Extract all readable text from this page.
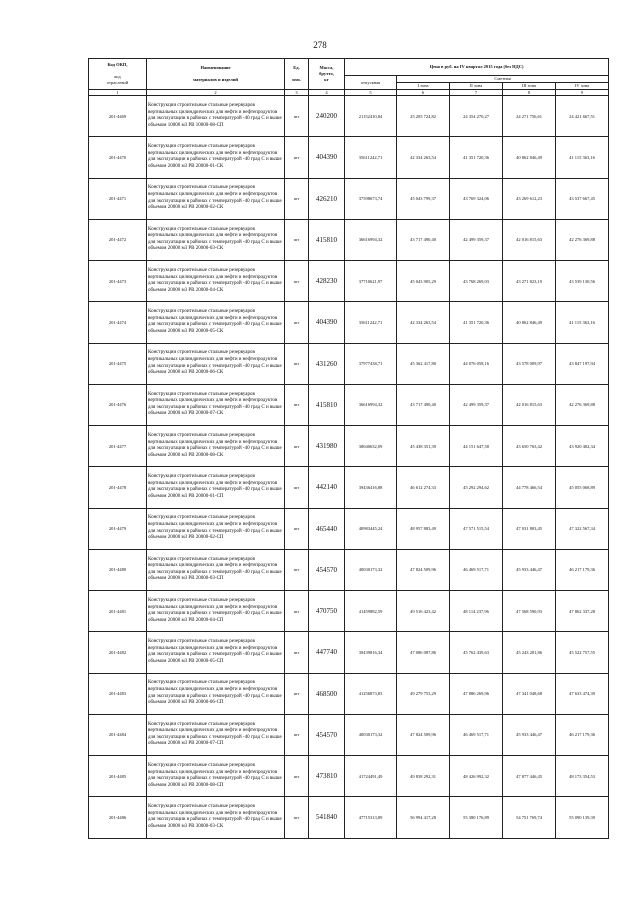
278
Код ОКП,

код
отраслевой	Наименование

материалов и изделий	Ед.

изм.	Масса,
брутто,
кг	Цена в руб. на IV квартал 2015 года (без НДС)				
				отпускная	Сметная			
					I зона	II зона	III зона	IV зона
1	2	3	4	5	6	7	8	9
201-4469	Конструкции строительные стальные резервуаров вертикальных цилиндрических для нефти и нефтепродуктов для эксплуатации в районах с температурой -40 град С и выше объемом 10000 м3 РВ 10000-08-СП	шт	240200	21152410,84	25 205 724,82	24 354 270,27	24 271 756,61	24 421 667,51
201-4470	Конструкции строительные стальные резервуаров вертикальных цилиндрических для нефти и нефтепродуктов для эксплуатации в районах с температурой -40 град С и выше объемом 20000 м3 РВ 20000-01-СК	шт	404390	35611242,71	42 334 263,54	41 351 720,36	40 862 846,49	41 115 363,16
201-4471	Конструкции строительные стальные резервуаров вертикальных цилиндрических для нефти и нефтепродуктов для эксплуатации в районах с температурой -40 град С и выше объемом 20000 м3 РВ 20000-02-СК	шт	426210	37598673,74	45 043 799,37	43 769 324,06	43 269 612,23	43 537 667,45
201-4472	Конструкции строительные стальные резервуаров вертикальных цилиндрических для нефти и нефтепродуктов для эксплуатации в районах с температурой -40 град С и выше объемом 20000 м3 РВ 20000-03-СК	шт	415810	36616994,32	43 717 490,40	42 499 359,37	42 016 815,63	42 276 369,88
201-4473	Конструкции строительные стальные резервуаров вертикальных цилиндрических для нефти и нефтепродуктов для эксплуатации в районах с температурой -40 град С и выше объемом 20000 м3 РВ 20000-04-СК	шт	428230	37710621,97	45 043 905,29	43 768 269,03	43 271 823,19	43 539 130,56
201-4474	Конструкции строительные стальные резервуаров вертикальных цилиндрических для нефти и нефтепродуктов для эксплуатации в районах с температурой -40 град С и выше объемом 20000 м3 РВ 20000-05-СК	шт	404390	35611242,71	42 334 263,54	41 351 720,36	40 862 846,49	41 115 363,16
201-4475	Конструкции строительные стальные резервуаров вертикальных цилиндрических для нефти и нефтепродуктов для эксплуатации в районах с температурой -40 град С и выше объемом 20000 м3 РВ 20000-06-СК	шт	431260	37977438,71	45 362 417,80	44 076 058,16	43 578 009,97	43 847 197,94
201-4476	Конструкции строительные стальные резервуаров вертикальных цилиндрических для нефти и нефтепродуктов для эксплуатации в районах с температурой -40 град С и выше объемом 20000 м3 РВ 20000-07-СК	шт	415810	36616994,32	43 717 490,40	42 499 359,37	42 016 815,63	42 276 369,88
201-4477	Конструкции строительные стальные резервуаров вертикальных цилиндрических для нефти и нефтепродуктов для эксплуатации в районах с температурой -40 град С и выше объемом 20000 м3 РВ 20000-08-СК	шт	431980	38040632,09	45 438 351,39	44 151 647,58	43 650 763,42	43 920 402,34
201-4478	Конструкции строительные стальные резервуаров вертикальных цилиндрических для нефти и нефтепродуктов для эксплуатации в районах с температурой -40 град С и выше объемом 20000 м3 РВ 20000-01-СП	шт	442140	39436416,88	46 612 274,33	45 292 294,62	44 778 466,54	45 055 068,89
201-4479	Конструкции строительные стальные резервуаров вертикальных цилиндрических для нефти и нефтепродуктов для эксплуатации в районах с температурой -40 град С и выше объемом 20000 м3 РВ 20000-02-СП	шт	465440	40983445,24	48 957 883,49	47 571 515,54	47 031 803,45	47 322 567,34
201-4480	Конструкции строительные стальные резервуаров вертикальных цилиндрических для нефти и нефтепродуктов для эксплуатации в районах с температурой -40 град С и выше объемом 20000 м3 РВ 20000-03-СП	шт	454570	40030173,32	47 824 509,96	46 469 517,71	45 933 446,47	46 217 179,36
201-4481	Конструкции строительные стальные резервуаров вертикальных цилиндрических для нефти и нефтепродуктов для эксплуатации в районах с температурой -40 град С и выше объемом 20000 м3 РВ 20000-04-СП	шт	470750	41459882,59	49 516 423,42	48 114 237,96	47 568 590,93	47 862 337,28
201-4482	Конструкции строительные стальные резервуаров вертикальных цилиндрических для нефти и нефтепродуктов для эксплуатации в районах с температурой -40 град С и выше объемом 20000 м3 РВ 20000-05-СП	шт	447740	39439816,34	47 086 087,86	45 762 439,63	45 243 281,86	45 522 757,55
201-4483	Конструкции строительные стальные резервуаров вертикальных цилиндрических для нефти и нефтепродуктов для эксплуатации в районах с температурой -40 град С и выше объемом 20000 м3 РВ 20000-06-СП	шт	468500	41256873,83	49 279 753,29	47 886 269,96	47 341 048,68	47 633 474,39
201-4484	Конструкции строительные стальные резервуаров вертикальных цилиндрических для нефти и нефтепродуктов для эксплуатации в районах с температурой -40 град С и выше объемом 20000 м3 РВ 20000-07-СП	шт	454570	40030173,32	47 824 509,96	46 469 517,71	45 933 446,47	46 217 179,36
201-4485	Конструкции строительные стальные резервуаров вертикальных цилиндрических для нефти и нефтепродуктов для эксплуатации в районах с температурой -40 град С и выше объемом 20000 м3 РВ 20000-08-СП	шт	473810	41724491,49	49 838 292,31	48 426 992,32	47 877 446,45	48 173 354,53
201-4486	Конструкции строительные стальные резервуаров вертикальных цилиндрических для нефти и нефтепродуктов для эксплуатации в районах с температурой -40 град С и выше объемом 30000 м3 РВ 30000-03-СК	шт	541840	47715313,89	56 994 417,28	55 380 176,89	54 751 769,74	55 090 139,39
